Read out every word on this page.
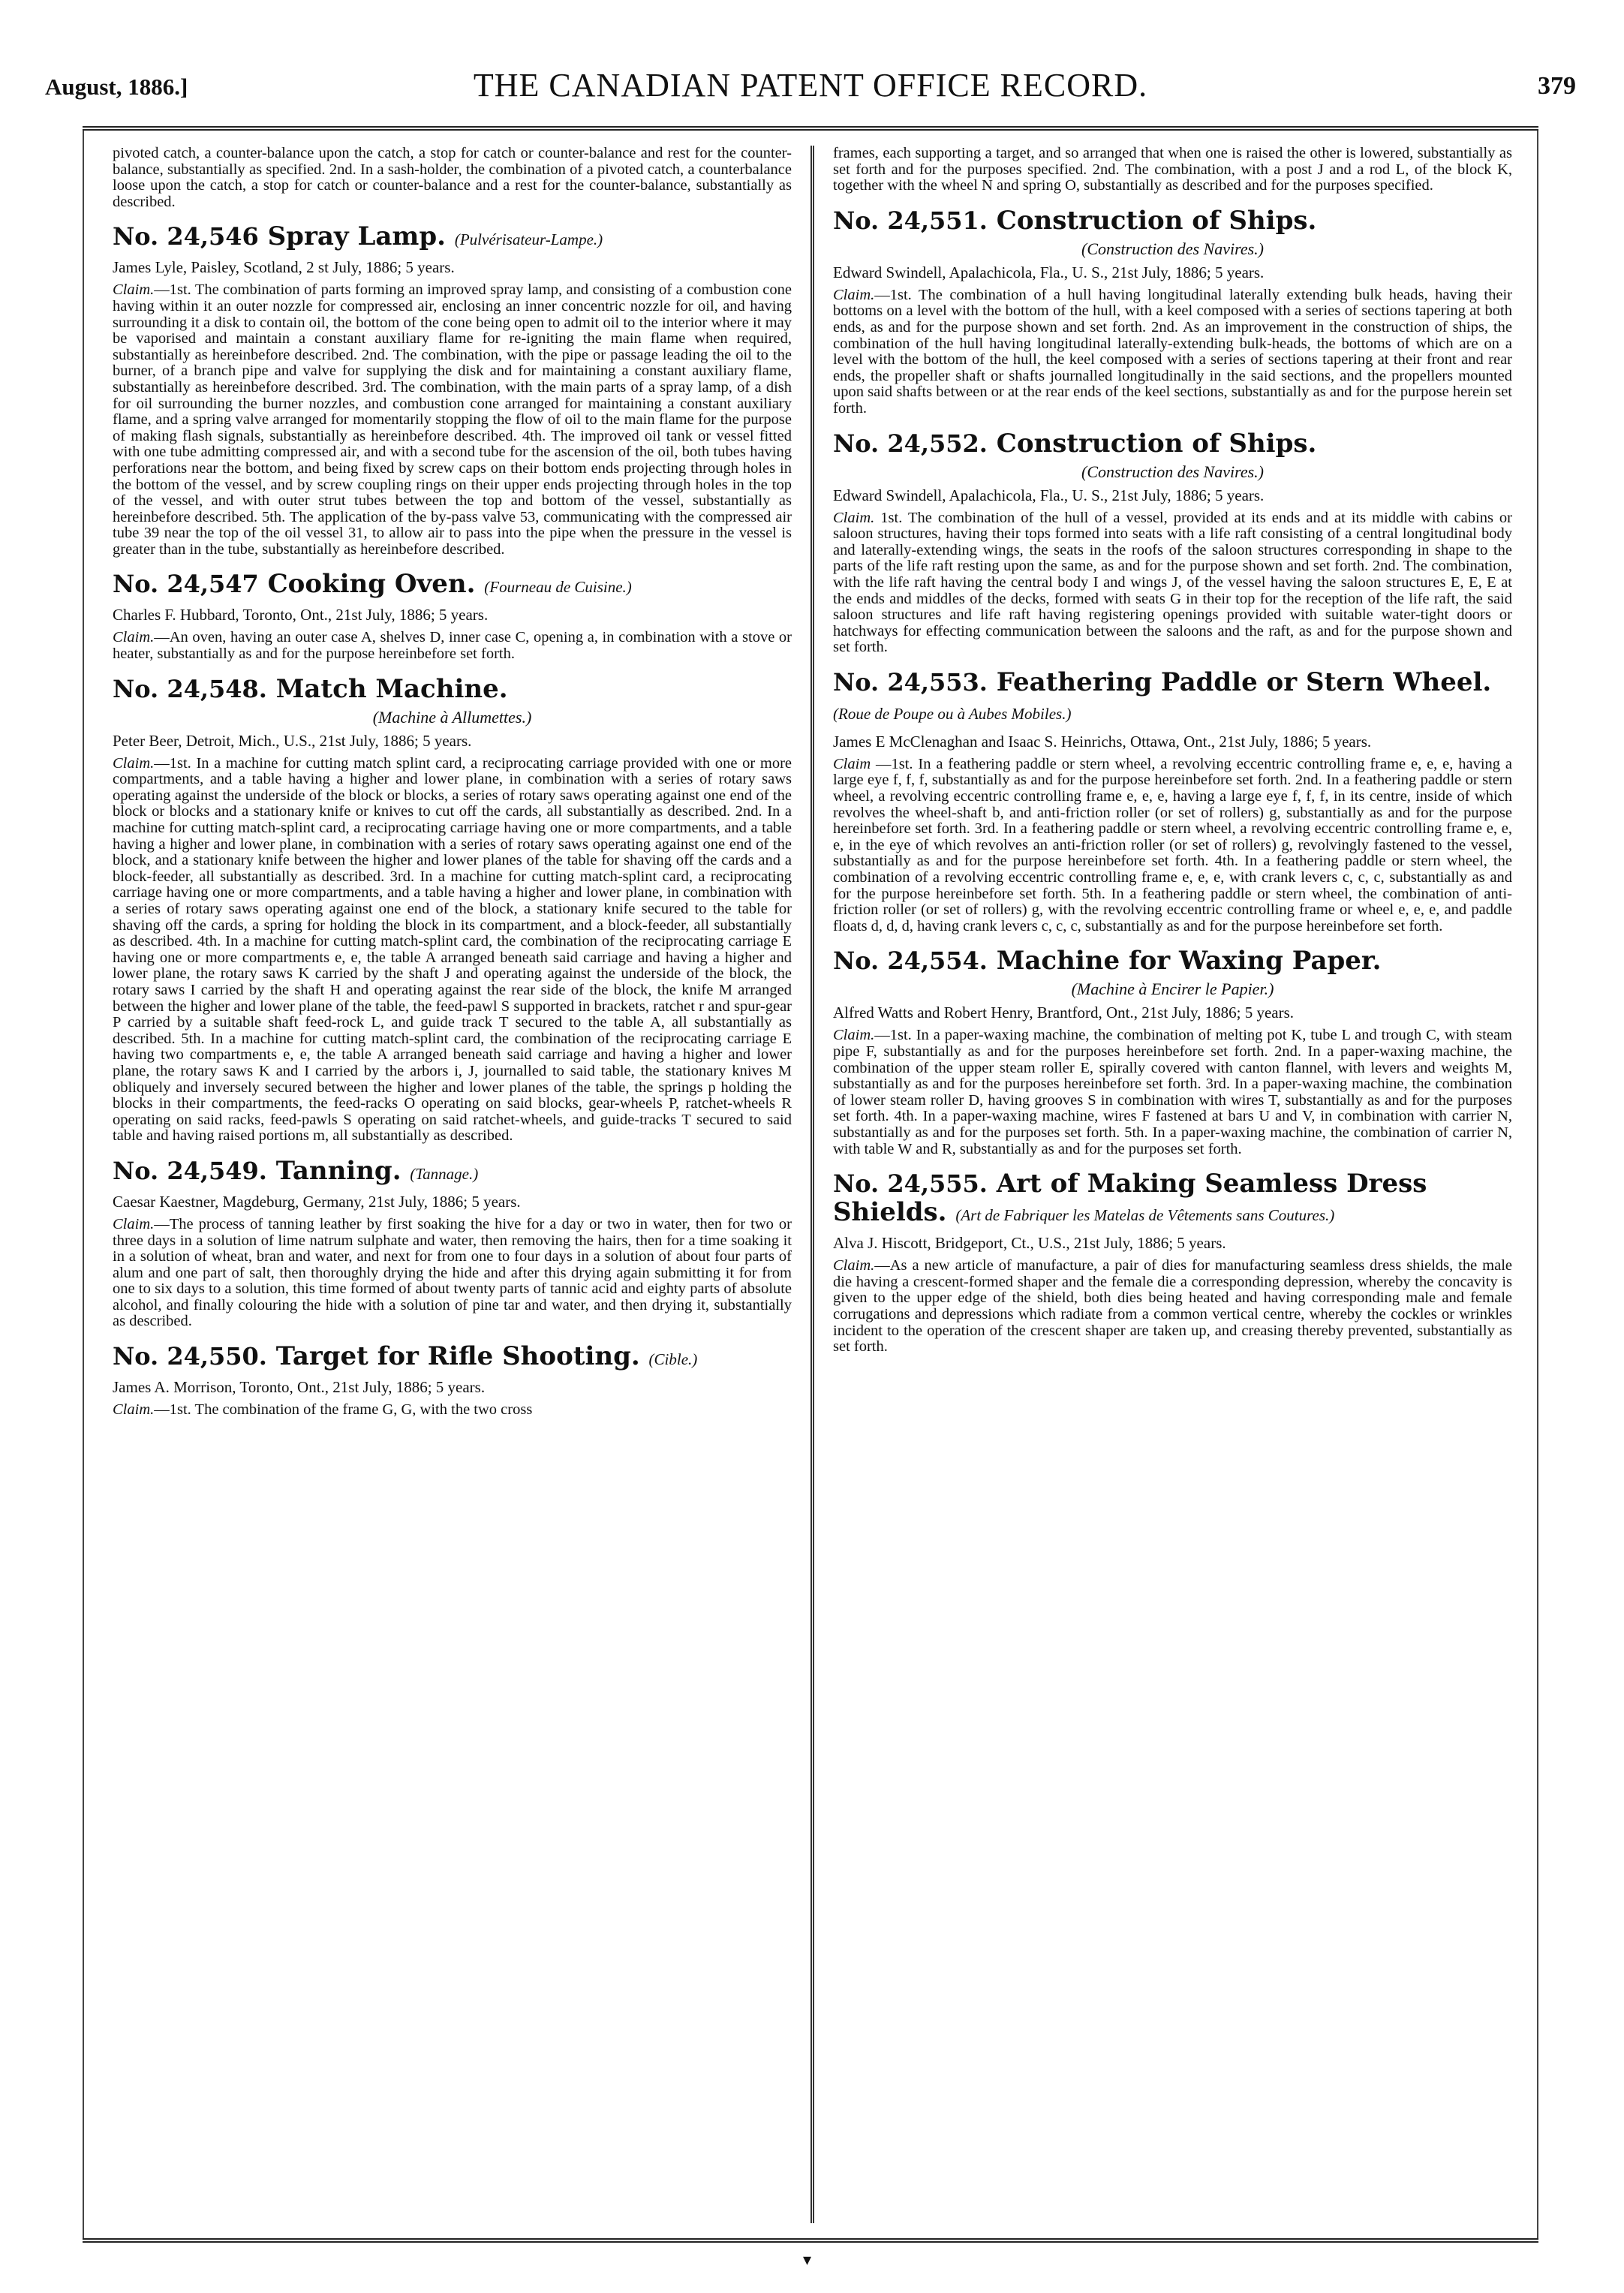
August, 1886.]	THE CANADIAN PATENT OFFICE RECORD.	379

pivoted catch, a counter-balance upon the catch, a stop for catch or counter-balance and rest for the counter-balance, substantially as specified. 2nd. In a sash-holder, the combination of a pivoted catch, a counterbalance loose upon the catch, a stop for catch or counter-balance and a rest for the counter-balance, substantially as described.

No. 24,546 Spray Lamp. (Pulvérisateur-Lampe.)
James Lyle, Paisley, Scotland, 2 st July, 1886; 5 years.

Claim.—1st. The combination of parts forming an improved spray lamp, and consisting of a combustion cone having within it an outer nozzle for compressed air, enclosing an inner concentric nozzle for oil, and having surrounding it a disk to contain oil, the bottom of the cone being open to admit oil to the interior where it may be vaporised and maintain a constant auxiliary flame for re-igniting the main flame when required, substantially as hereinbefore described. 2nd. The combination, with the pipe or passage leading the oil to the burner, of a branch pipe and valve for supplying the disk and for maintaining a constant auxiliary flame, substantially as hereinbefore described. 3rd. The combination, with the main parts of a spray lamp, of a dish for oil surrounding the burner nozzles, and combustion cone arranged for maintaining a constant auxiliary flame, and a spring valve arranged for momentarily stopping the flow of oil to the main flame for the purpose of making flash signals, substantially as hereinbefore described. 4th. The improved oil tank or vessel fitted with one tube admitting compressed air, and with a second tube for the ascension of the oil, both tubes having perforations near the bottom, and being fixed by screw caps on their bottom ends projecting through holes in the bottom of the vessel, and by screw coupling rings on their upper ends projecting through holes in the top of the vessel, and with outer strut tubes between the top and bottom of the vessel, substantially as hereinbefore described. 5th. The application of the by-pass valve 53, communicating with the compressed air tube 39 near the top of the oil vessel 31, to allow air to pass into the pipe when the pressure in the vessel is greater than in the tube, substantially as hereinbefore described.

No. 24,547 Cooking Oven. (Fourneau de Cuisine.)
Charles F. Hubbard, Toronto, Ont., 21st July, 1886; 5 years.

Claim.—An oven, having an outer case A, shelves D, inner case C, opening a, in combination with a stove or heater, substantially as and for the purpose hereinbefore set forth.

No. 24,548. Match Machine.
(Machine à Allumettes.)
Peter Beer, Detroit, Mich., U.S., 21st July, 1886; 5 years.

Claim.—1st. In a machine for cutting match splint card, a reciprocating carriage provided with one or more compartments, and a table having a higher and lower plane, in combination with a series of rotary saws operating against the underside of the block or blocks, a series of rotary saws operating against one end of the block or blocks and a stationary knife or knives to cut off the cards, all substantially as described. 2nd. In a machine for cutting match-splint card, a reciprocating carriage having one or more compartments, and a table having a higher and lower plane, in combination with a series of rotary saws operating against one end of the block, and a stationary knife between the higher and lower planes of the table for shaving off the cards and a block-feeder, all substantially as described. 3rd. In a machine for cutting match-splint card, a reciprocating carriage having one or more compartments, and a table having a higher and lower plane, in combination with a series of rotary saws operating against one end of the block, a stationary knife secured to the table for shaving off the cards, a spring for holding the block in its compartment, and a block-feeder, all substantially as described. 4th. In a machine for cutting match-splint card, the combination of the reciprocating carriage E having one or more compartments e, e, the table A arranged beneath said carriage and having a higher and lower plane, the rotary saws K carried by the shaft J and operating against the underside of the block, the rotary saws I carried by the shaft H and operating against the rear side of the block, the knife M arranged between the higher and lower plane of the table, the feed-pawl S supported in brackets, ratchet r and spur-gear P carried by a suitable shaft feed-rock L, and guide track T secured to the table A, all substantially as described. 5th. In a machine for cutting match-splint card, the combination of the reciprocating carriage E having two compartments e, e, the table A arranged beneath said carriage and having a higher and lower plane, the rotary saws K and I carried by the arbors i, J, journalled to said table, the stationary knives M obliquely and inversely secured between the higher and lower planes of the table, the springs p holding the blocks in their compartments, the feed-racks O operating on said blocks, gear-wheels P, ratchet-wheels R operating on said racks, feed-pawls S operating on said ratchet-wheels, and guide-tracks T secured to said table and having raised portions m, all substantially as described.

No. 24,549. Tanning. (Tannage.)
Caesar Kaestner, Magdeburg, Germany, 21st July, 1886; 5 years.

Claim.—The process of tanning leather by first soaking the hive for a day or two in water, then for two or three days in a solution of lime natrum sulphate and water, then removing the hairs, then for a time soaking it in a solution of wheat, bran and water, and next for from one to four days in a solution of about four parts of alum and one part of salt, then thoroughly drying the hide and after this drying again submitting it for from one to six days to a solution, this time formed of about twenty parts of tannic acid and eighty parts of absolute alcohol, and finally colouring the hide with a solution of pine tar and water, and then drying it, substantially as described.

No. 24,550. Target for Rifle Shooting. (Cible.)
James A. Morrison, Toronto, Ont., 21st July, 1886; 5 years.

Claim.—1st. The combination of the frame G, G, with the two cross

frames, each supporting a target, and so arranged that when one is raised the other is lowered, substantially as set forth and for the purposes specified. 2nd. The combination, with a post J and a rod L, of the block K, together with the wheel N and spring O, substantially as described and for the purposes specified.

No. 24,551. Construction of Ships.
(Construction des Navires.)
Edward Swindell, Apalachicola, Fla., U. S., 21st July, 1886; 5 years.

Claim.—1st. The combination of a hull having longitudinal laterally extending bulk heads, having their bottoms on a level with the bottom of the hull, with a keel composed with a series of sections tapering at both ends, as and for the purpose shown and set forth. 2nd. As an improvement in the construction of ships, the combination of the hull having longitudinal laterally-extending bulk-heads, the bottoms of which are on a level with the bottom of the hull, the keel composed with a series of sections tapering at their front and rear ends, the propeller shaft or shafts journalled longitudinally in the said sections, and the propellers mounted upon said shafts between or at the rear ends of the keel sections, substantially as and for the purpose herein set forth.

No. 24,552. Construction of Ships.
(Construction des Navires.)
Edward Swindell, Apalachicola, Fla., U. S., 21st July, 1886; 5 years.

Claim. 1st. The combination of the hull of a vessel, provided at its ends and at its middle with cabins or saloon structures, having their tops formed into seats with a life raft consisting of a central longitudinal body and laterally-extending wings, the seats in the roofs of the saloon structures corresponding in shape to the parts of the life raft resting upon the same, as and for the purpose shown and set forth. 2nd. The combination, with the life raft having the central body I and wings J, of the vessel having the saloon structures E, E, E at the ends and middles of the decks, formed with seats G in their top for the reception of the life raft, the said saloon structures and life raft having registering openings provided with suitable water-tight doors or hatchways for effecting communication between the saloons and the raft, as and for the purpose shown and set forth.

No. 24,553. Feathering Paddle or Stern Wheel. (Roue de Poupe ou à Aubes Mobiles.)
James E McClenaghan and Isaac S. Heinrichs, Ottawa, Ont., 21st July, 1886; 5 years.

Claim —1st. In a feathering paddle or stern wheel, a revolving eccentric controlling frame e, e, e, having a large eye f, f, f, substantially as and for the purpose hereinbefore set forth. 2nd. In a feathering paddle or stern wheel, a revolving eccentric controlling frame e, e, e, having a large eye f, f, f, in its centre, inside of which revolves the wheel-shaft b, and anti-friction roller (or set of rollers) g, substantially as and for the purpose hereinbefore set forth. 3rd. In a feathering paddle or stern wheel, a revolving eccentric controlling frame e, e, e, in the eye of which revolves an anti-friction roller (or set of rollers) g, revolvingly fastened to the vessel, substantially as and for the purpose hereinbefore set forth. 4th. In a feathering paddle or stern wheel, the combination of a revolving eccentric controlling frame e, e, e, with crank levers c, c, c, substantially as and for the purpose hereinbefore set forth. 5th. In a feathering paddle or stern wheel, the combination of anti-friction roller (or set of rollers) g, with the revolving eccentric controlling frame or wheel e, e, e, and paddle floats d, d, d, having crank levers c, c, c, substantially as and for the purpose hereinbefore set forth.

No. 24,554. Machine for Waxing Paper.
(Machine à Encirer le Papier.)
Alfred Watts and Robert Henry, Brantford, Ont., 21st July, 1886; 5 years.

Claim.—1st. In a paper-waxing machine, the combination of melting pot K, tube L and trough C, with steam pipe F, substantially as and for the purposes hereinbefore set forth. 2nd. In a paper-waxing machine, the combination of the upper steam roller E, spirally covered with canton flannel, with levers and weights M, substantially as and for the purposes hereinbefore set forth. 3rd. In a paper-waxing machine, the combination of lower steam roller D, having grooves S in combination with wires T, substantially as and for the purposes set forth. 4th. In a paper-waxing machine, wires F fastened at bars U and V, in combination with carrier N, substantially as and for the purposes set forth. 5th. In a paper-waxing machine, the combination of carrier N, with table W and R, substantially as and for the purposes set forth.

No. 24,555. Art of Making Seamless Dress Shields. (Art de Fabriquer les Matelas de Vêtements sans Coutures.)
Alva J. Hiscott, Bridgeport, Ct., U.S., 21st July, 1886; 5 years.

Claim.—As a new article of manufacture, a pair of dies for manufacturing seamless dress shields, the male die having a crescent-formed shaper and the female die a corresponding depression, whereby the concavity is given to the upper edge of the shield, both dies being heated and having corresponding male and female corrugations and depressions which radiate from a common vertical centre, whereby the cockles or wrinkles incident to the operation of the crescent shaper are taken up, and creasing thereby prevented, substantially as set forth.

▾
